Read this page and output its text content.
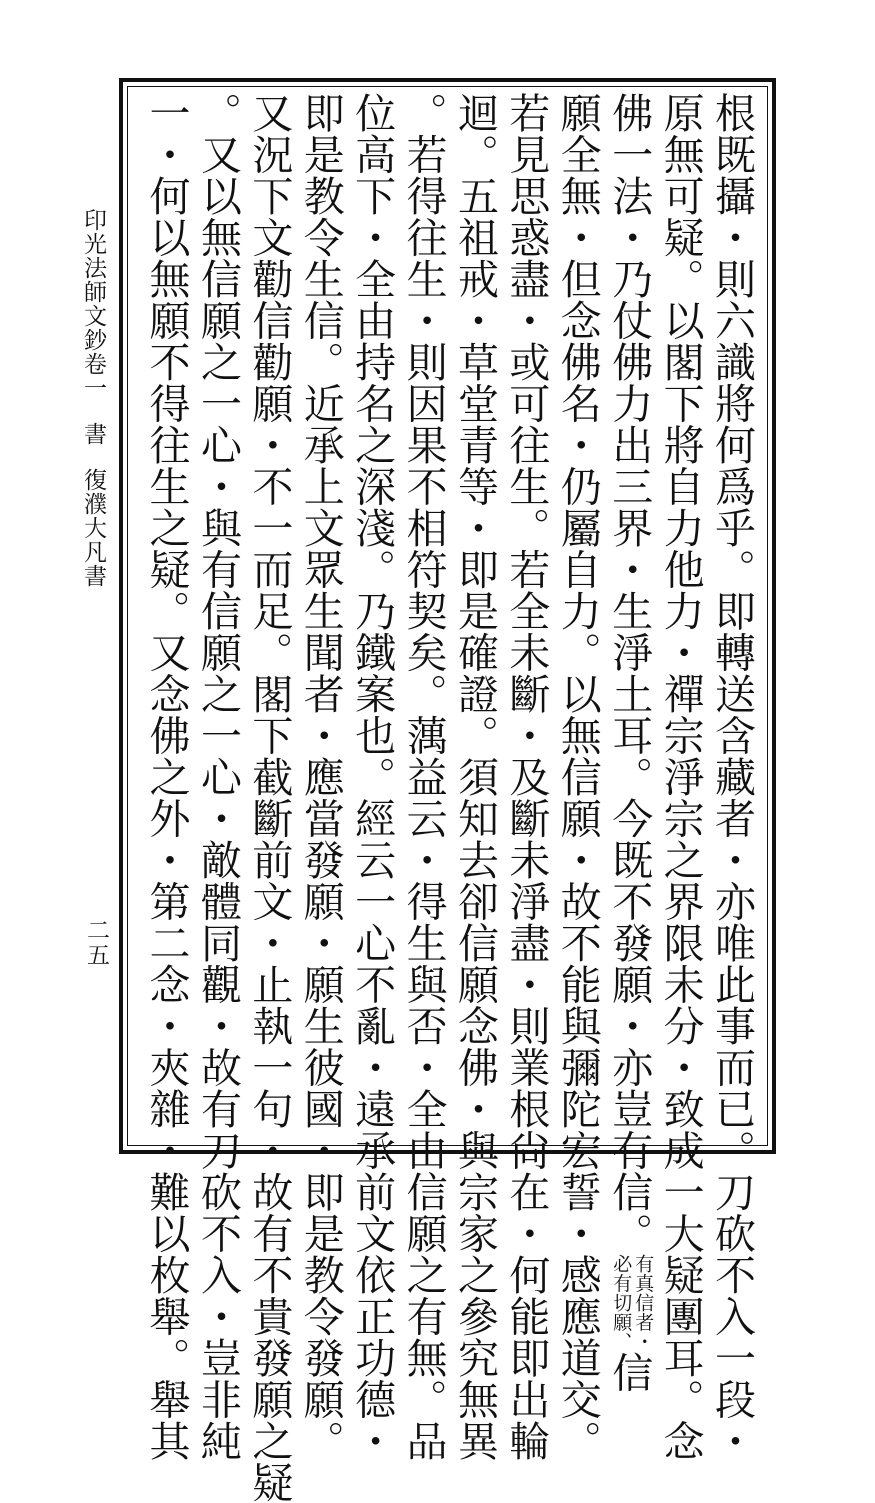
印光法師文鈔卷一書復濮大凡書
二五	根既攝・則六識將何爲乎。即轉送含藏者・亦唯此事而已。刀砍不入一段・
原無可疑。以閣下將自力他力・禪宗淨宗之界限未分・致成一大疑團耳。念
佛一法・乃仗佛力出三界・生淨土耳。今既不發願・亦豈有信。
有真信者・
必有切願、
信
願全無・但念佛名・仍屬自力。以無信願・故不能與彌陀宏誓・感應道交。
若見思惑盡・或可往生。若全未斷・及斷未淨盡・則業根尙在・何能即出輪
迴。五祖戒・草堂青等・即是確證。須知去卻信願念佛・與宗家之參究無異
。若得往生・則因果不相符契矣。蕅益云・得生與否・全由信願之有無。品
位高下・全由持名之深淺。乃鐵案也。經云一心不亂・遠承前文依正功德・
即是教令生信。近承上文眾生聞者・應當發願・願生彼國・即是教令發願。
又況下文勸信勸願・不一而足。閣下截斷前文・止執一句・故有不貴發願之疑
。又以無信願之一心・與有信願之一心・敵體同觀・故有刀砍不入・豈非純
一・何以無願不得往生之疑。又念佛之外・第二念・夾雜・難以枚舉。舉其
